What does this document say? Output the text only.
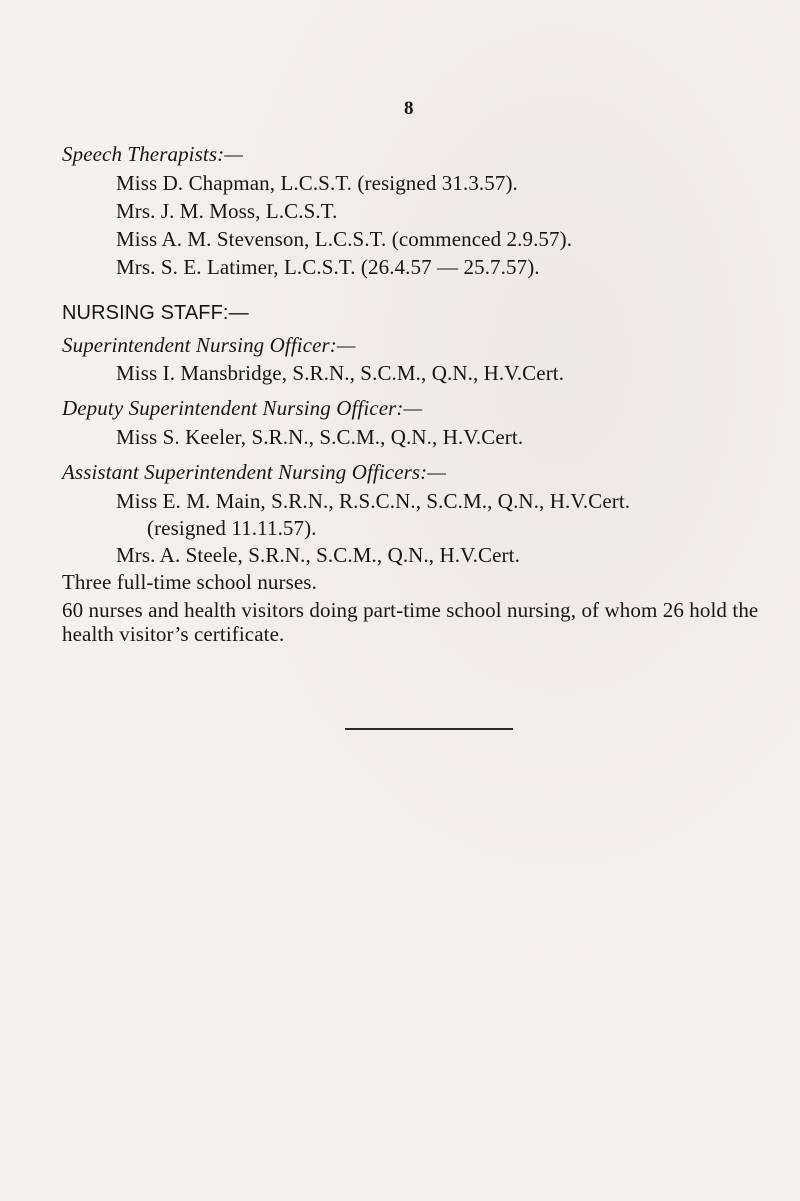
8
Speech Therapists:—
Miss D. Chapman, L.C.S.T. (resigned 31.3.57).
Mrs. J. M. Moss, L.C.S.T.
Miss A. M. Stevenson, L.C.S.T. (commenced 2.9.57).
Mrs. S. E. Latimer, L.C.S.T. (26.4.57 — 25.7.57).
NURSING STAFF:—
Superintendent Nursing Officer:—
Miss I. Mansbridge, S.R.N., S.C.M., Q.N., H.V.Cert.
Deputy Superintendent Nursing Officer:—
Miss S. Keeler, S.R.N., S.C.M., Q.N., H.V.Cert.
Assistant Superintendent Nursing Officers:—
Miss E. M. Main, S.R.N., R.S.C.N., S.C.M., Q.N., H.V.Cert.
(resigned 11.11.57).
Mrs. A. Steele, S.R.N., S.C.M., Q.N., H.V.Cert.
Three full-time school nurses.
60 nurses and health visitors doing part-time school nursing, of whom 26 hold the
health visitor’s certificate.
